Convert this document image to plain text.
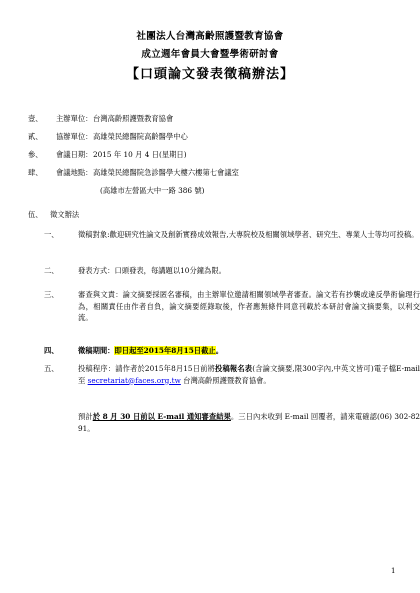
社團法人台灣高齡照護暨教育協會
成立週年會員大會暨學術研討會
【口頭論文發表徵稿辦法】
壹、 主辦單位： 台灣高齡照護暨教育協會
貳、 協辦單位： 高雄榮民總醫院高齡醫學中心
參、 會議日期： 2015 年 10 月 4 日(星期日)
肆、 會議地點： 高雄榮民總醫院急診醫學大樓六樓第七會議室
(高雄市左營區大中一路 386 號)
伍、 徵文辦法
一、	徵稿對象:歡迎研究性論文及創新實務成效報告,大專院校及相關領域學者、研究生、專業人士等均可投稿。
二、	發表方式：口頭發表，每講題以10分鐘為限。
三、	審查與文責：論文摘要採匿名審稿，由主辦單位邀請相關領域學者審查。論文若有抄襲或違反學術倫理行為，相關責任由作者自負，論文摘要經錄取後，作者應無條件同意刊載於本研討會論文摘要集，以利交流。
四、	徵稿期間：即日起至2015年8月15日截止。
五、	投稿程序：請作者於2015年8月15日前將投稿報名表(含論文摘要,限300字內,中英文皆可)電子檔E-mail至 secretariat@faces.org.tw 台灣高齡照護暨教育協會。
預計於 8 月 30 日前以 E-mail 通知審查結果。三日內未收到 E-mail 回覆者，請來電確認(06) 302-8291。
1
